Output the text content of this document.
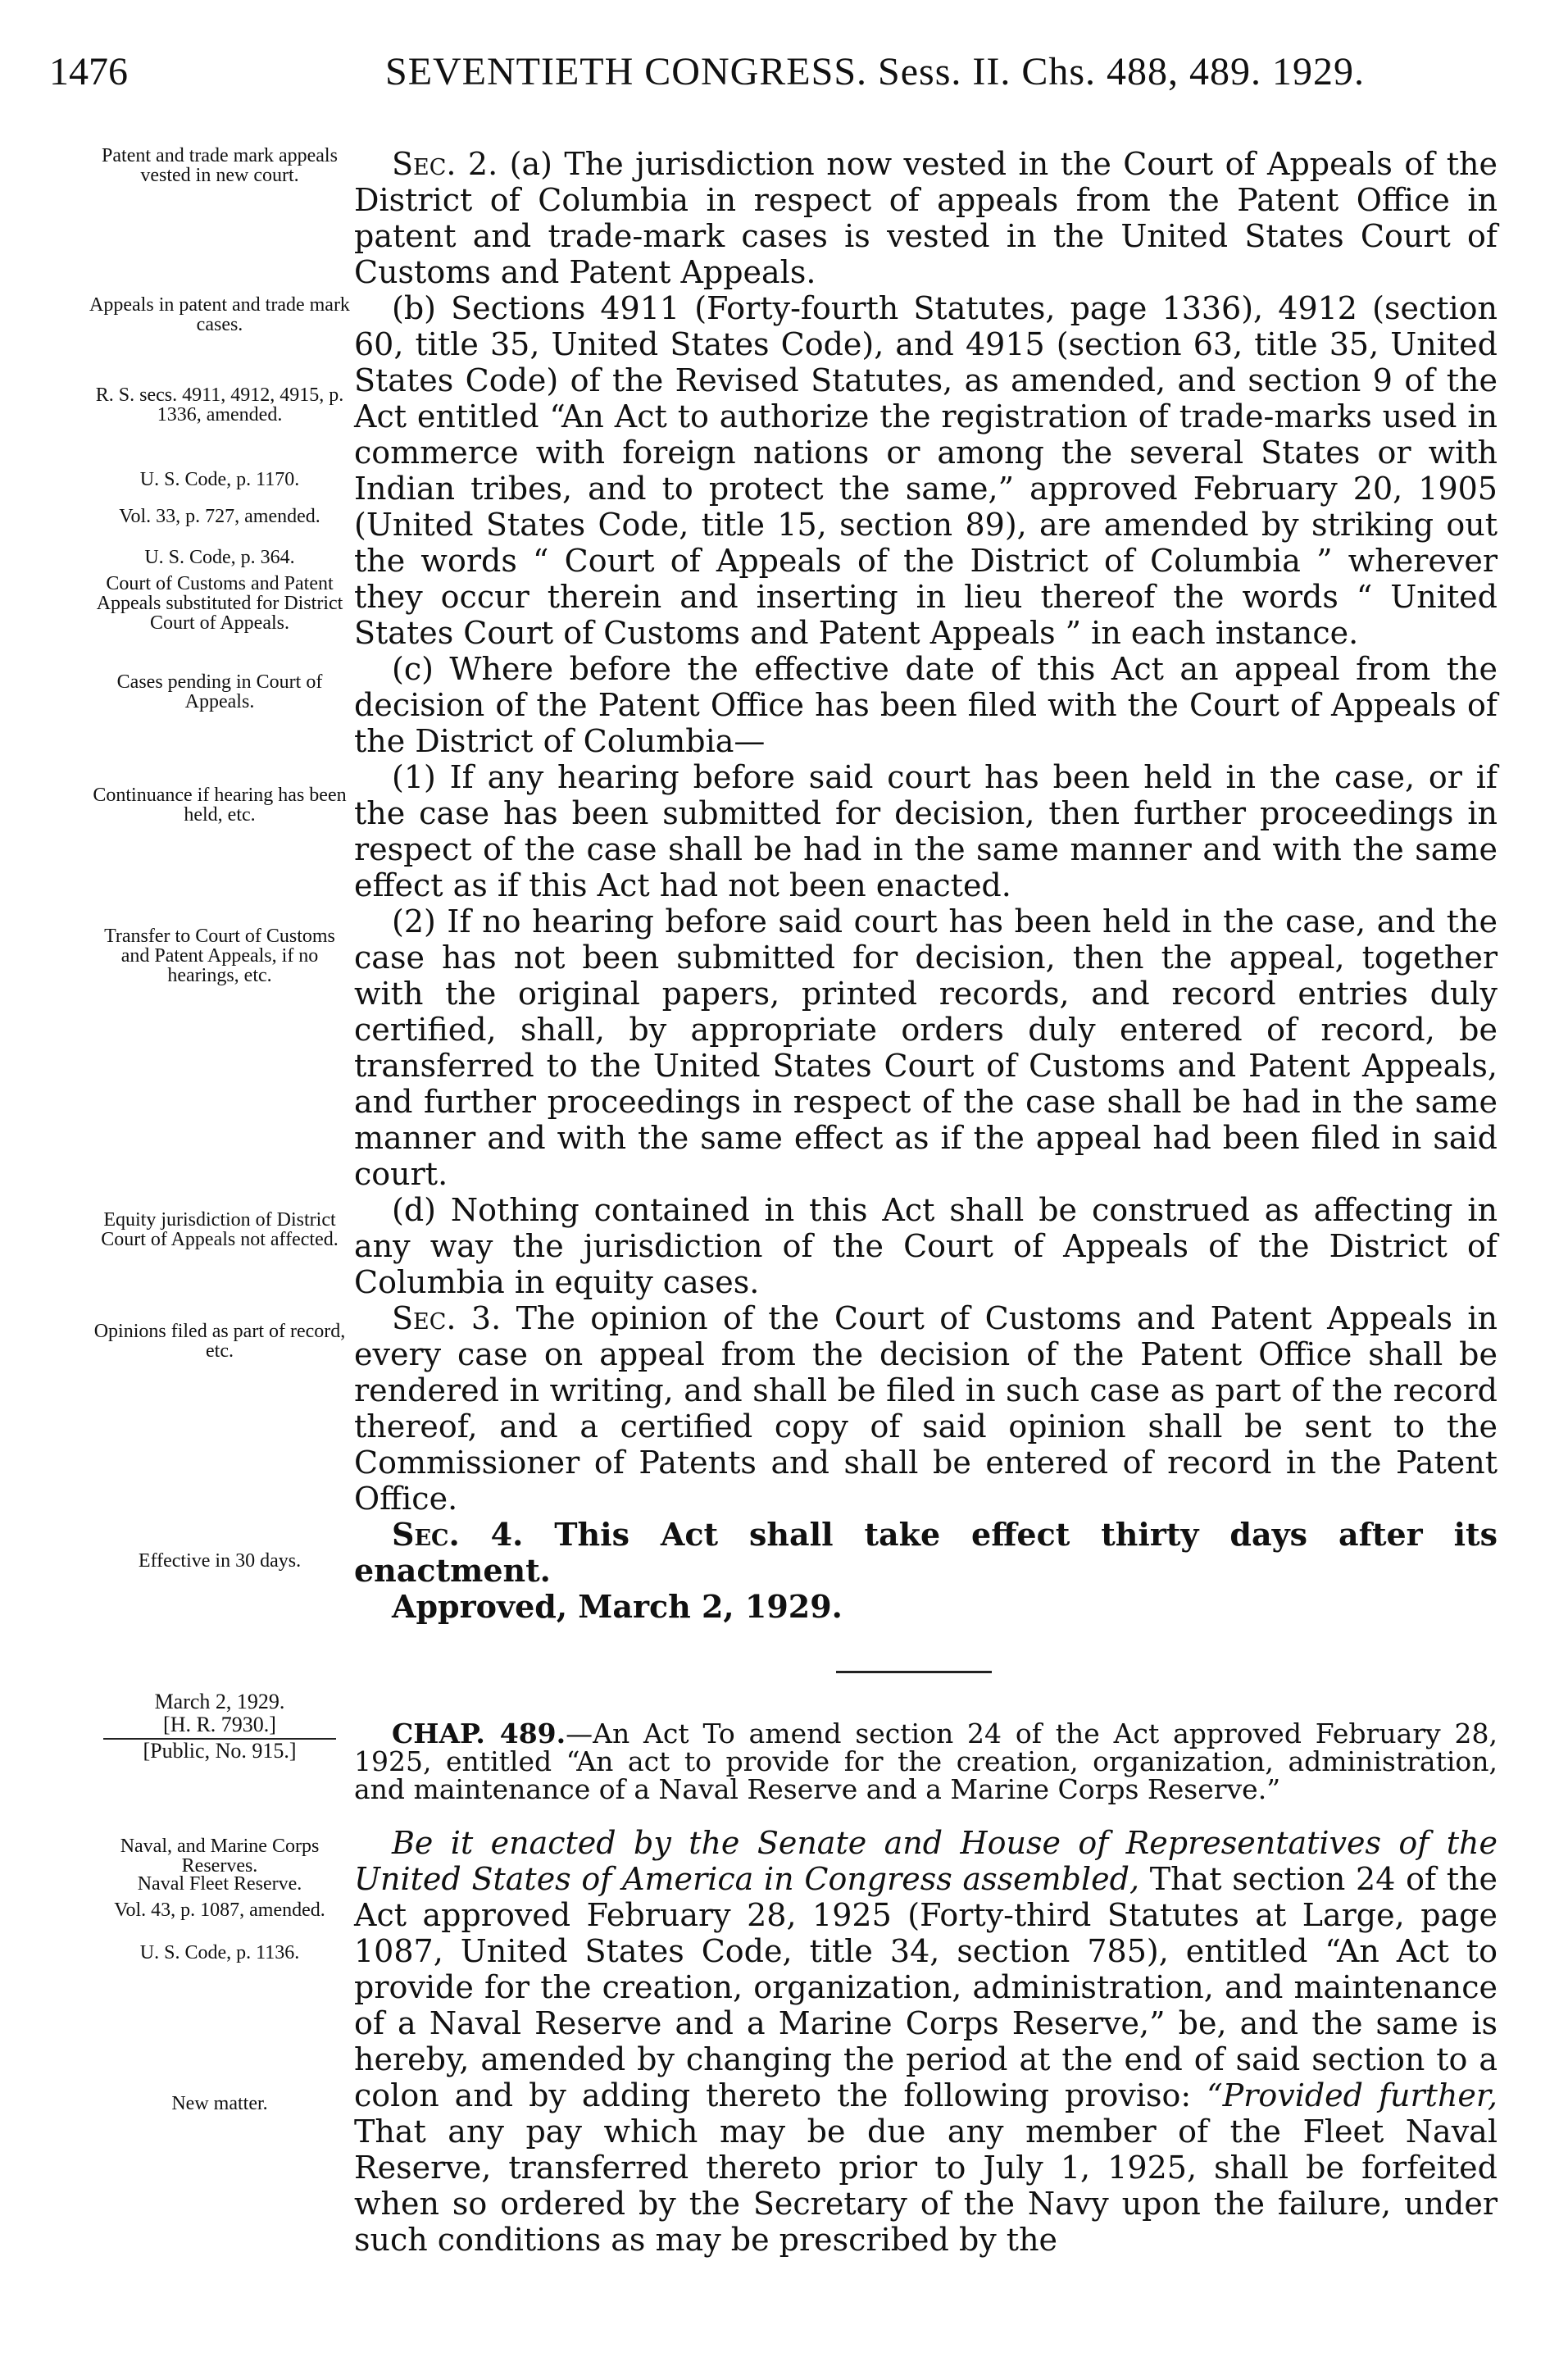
1476	SEVENTIETH CONGRESS. Sess. II. Chs. 488, 489. 1929.
Patent and trade mark appeals vested in new court.
Appeals in patent and trade mark cases.
R. S. secs. 4911, 4912, 4915, p. 1336, amended.
U. S. Code, p. 1170.
Vol. 33, p. 727, amended.
U. S. Code, p. 364.
Court of Customs and Patent Appeals substituted for District Court of Appeals.
Cases pending in Court of Appeals.
Continuance if hearing has been held, etc.
Transfer to Court of Customs and Patent Appeals, if no hearings, etc.
Equity jurisdiction of District Court of Appeals not affected.
Opinions filed as part of record, etc.
Effective in 30 days.

Sec. 2. (a) The jurisdiction now vested in the Court of Appeals of the District of Columbia in respect of appeals from the Patent Office in patent and trade-mark cases is vested in the United States Court of Customs and Patent Appeals.

(b) Sections 4911 (Forty-fourth Statutes, page 1336), 4912 (section 60, title 35, United States Code), and 4915 (section 63, title 35, United States Code) of the Revised Statutes, as amended, and section 9 of the Act entitled “An Act to authorize the registration of trade-marks used in commerce with foreign nations or among the several States or with Indian tribes, and to protect the same,” approved February 20, 1905 (United States Code, title 15, section 89), are amended by striking out the words “ Court of Appeals of the District of Columbia ” wherever they occur therein and inserting in lieu thereof the words “ United States Court of Customs and Patent Appeals ” in each instance.

(c) Where before the effective date of this Act an appeal from the decision of the Patent Office has been filed with the Court of Appeals of the District of Columbia—

(1) If any hearing before said court has been held in the case, or if the case has been submitted for decision, then further proceedings in respect of the case shall be had in the same manner and with the same effect as if this Act had not been enacted.

(2) If no hearing before said court has been held in the case, and the case has not been submitted for decision, then the appeal, together with the original papers, printed records, and record entries duly certified, shall, by appropriate orders duly entered of record, be transferred to the United States Court of Customs and Patent Appeals, and further proceedings in respect of the case shall be had in the same manner and with the same effect as if the appeal had been filed in said court.

(d) Nothing contained in this Act shall be construed as affecting in any way the jurisdiction of the Court of Appeals of the District of Columbia in equity cases.

Sec. 3. The opinion of the Court of Customs and Patent Appeals in every case on appeal from the decision of the Patent Office shall be rendered in writing, and shall be filed in such case as part of the record thereof, and a certified copy of said opinion shall be sent to the Commissioner of Patents and shall be entered of record in the Patent Office.

Sec. 4. This Act shall take effect thirty days after its enactment.

Approved, March 2, 1929.

March 2, 1929.
[H. R. 7930.]
[Public, No. 915.]

CHAP. 489.—An Act To amend section 24 of the Act approved February 28, 1925, entitled “An act to provide for the creation, organization, administration, and maintenance of a Naval Reserve and a Marine Corps Reserve.”

Naval, and Marine Corps Reserves.
Naval Fleet Reserve.
Vol. 43, p. 1087, amended.
U. S. Code, p. 1136.
New matter.

Be it enacted by the Senate and House of Representatives of the United States of America in Congress assembled, That section 24 of the Act approved February 28, 1925 (Forty-third Statutes at Large, page 1087, United States Code, title 34, section 785), entitled “An Act to provide for the creation, organization, administration, and maintenance of a Naval Reserve and a Marine Corps Reserve,” be, and the same is hereby, amended by changing the period at the end of said section to a colon and by adding thereto the following proviso: “Provided further, That any pay which may be due any member of the Fleet Naval Reserve, transferred thereto prior to July 1, 1925, shall be forfeited when so ordered by the Secretary of the Navy upon the failure, under such conditions as may be prescribed by the
